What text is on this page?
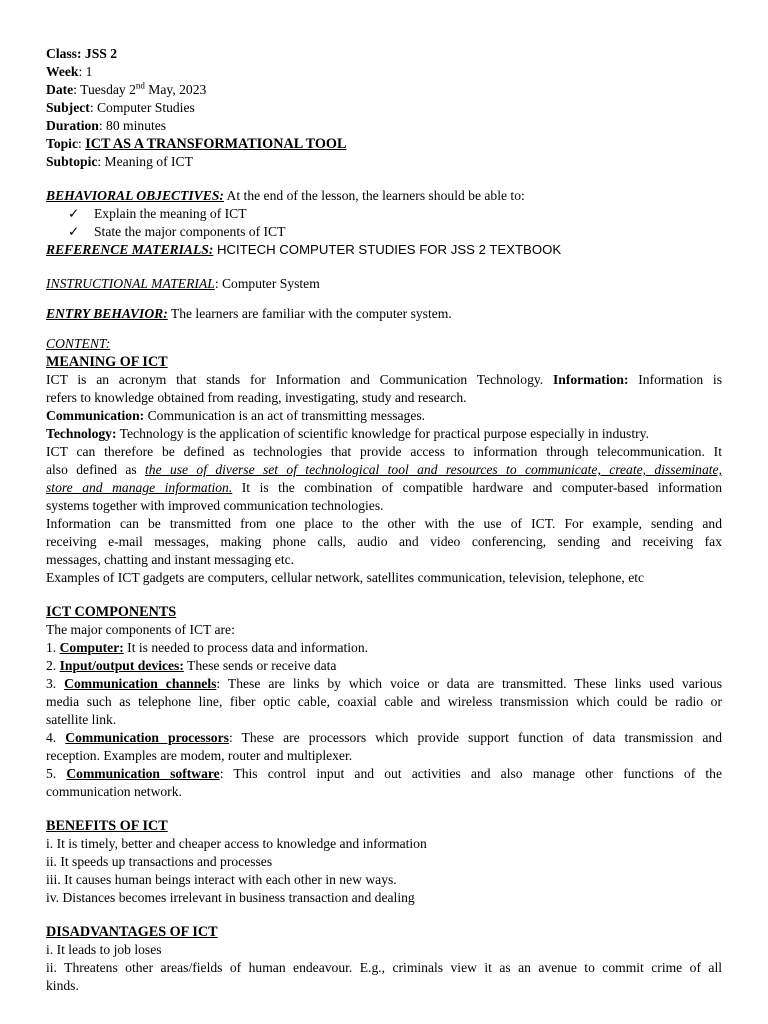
Class: JSS 2
Week: 1
Date: Tuesday 2nd May, 2023
Subject: Computer Studies
Duration: 80 minutes
Topic: ICT AS A TRANSFORMATIONAL TOOL
Subtopic: Meaning of ICT
BEHAVIORAL OBJECTIVES: At the end of the lesson, the learners should be able to:
✓ Explain the meaning of ICT
✓ State the major components of ICT
REFERENCE MATERIALS: HCITECH COMPUTER STUDIES FOR JSS 2 TEXTBOOK
INSTRUCTIONAL MATERIAL: Computer System
ENTRY BEHAVIOR: The learners are familiar with the computer system.
CONTENT:
MEANING OF ICT
ICT is an acronym that stands for Information and Communication Technology. Information: Information is
refers to knowledge obtained from reading, investigating, study and research.
Communication: Communication is an act of transmitting messages.
Technology: Technology is the application of scientific knowledge for practical purpose especially in industry.
ICT can therefore be defined as technologies that provide access to information through telecommunication. It
also defined as the use of diverse set of technological tool and resources to communicate, create, disseminate,
store and manage information. It is the combination of compatible hardware and computer-based information
systems together with improved communication technologies.
Information can be transmitted from one place to the other with the use of ICT. For example, sending and
receiving e-mail messages, making phone calls, audio and video conferencing, sending and receiving fax
messages, chatting and instant messaging etc.
Examples of ICT gadgets are computers, cellular network, satellites communication, television, telephone, etc
ICT COMPONENTS
The major components of ICT are:
1. Computer: It is needed to process data and information.
2. Input/output devices: These sends or receive data
3. Communication channels: These are links by which voice or data are transmitted. These links used various
media such as telephone line, fiber optic cable, coaxial cable and wireless transmission which could be radio or
satellite link.
4. Communication processors: These are processors which provide support function of data transmission and
reception. Examples are modem, router and multiplexer.
5. Communication software: This control input and out activities and also manage other functions of the
communication network.
BENEFITS OF ICT
i. It is timely, better and cheaper access to knowledge and information
ii. It speeds up transactions and processes
iii. It causes human beings interact with each other in new ways.
iv. Distances becomes irrelevant in business transaction and dealing
DISADVANTAGES OF ICT
i. It leads to job loses
ii. Threatens other areas/fields of human endeavour. E.g., criminals view it as an avenue to commit crime of all
kinds.
